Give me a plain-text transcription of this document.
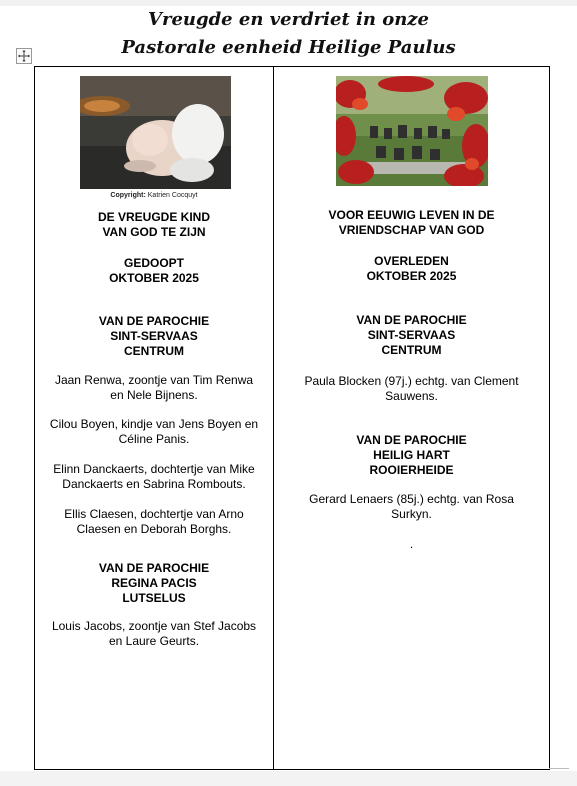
Vreugde en verdriet in onze
Pastorale eenheid Heilige Paulus
Copyright: Katrien Cocquyt
DE VREUGDE KIND
VAN GOD TE ZIJN
GEDOOPT
OKTOBER 2025
VAN DE PAROCHIE
SINT-SERVAAS
CENTRUM
Jaan Renwa, zoontje van Tim Renwa
en Nele Bijnens.
Cilou Boyen, kindje van Jens Boyen en
Céline Panis.
Elinn Danckaerts, dochtertje van Mike
Danckaerts en Sabrina Rombouts.
Ellis Claesen, dochtertje van Arno
Claesen en Deborah Borghs.
VAN DE PAROCHIE
REGINA PACIS
LUTSELUS
Louis Jacobs, zoontje van Stef Jacobs
en Laure Geurts.
VOOR EEUWIG LEVEN IN DE
VRIENDSCHAP VAN GOD
OVERLEDEN
OKTOBER 2025
VAN DE PAROCHIE
SINT-SERVAAS
CENTRUM
Paula Blocken (97j.) echtg. van Clement
Sauwens.
VAN DE PAROCHIE
HEILIG HART
ROOIERHEIDE
Gerard Lenaers (85j.) echtg. van Rosa
Surkyn.
.
